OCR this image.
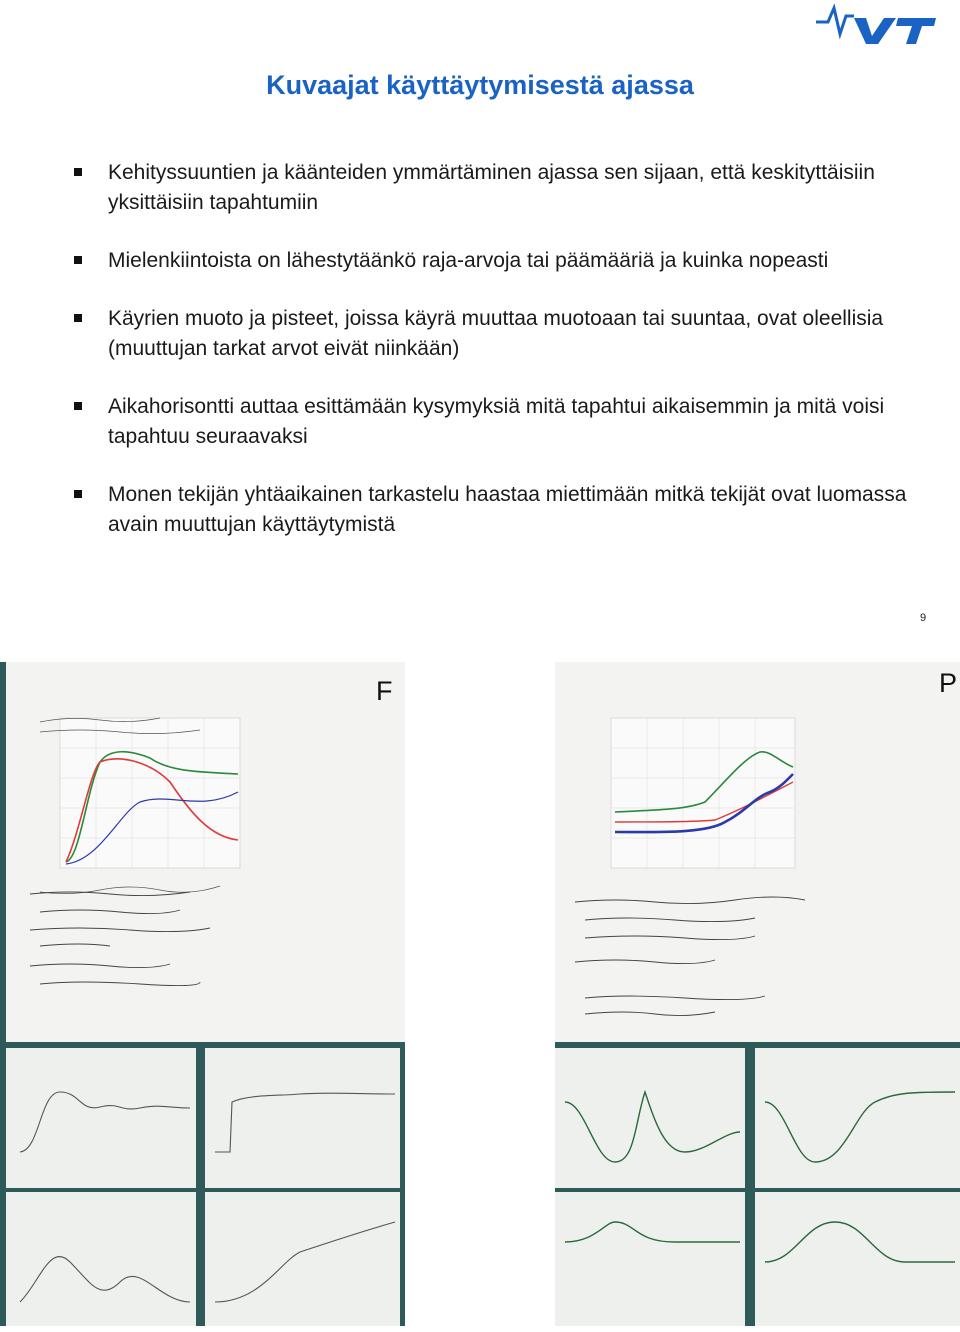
Kuvaajat käyttäytymisestä ajassa
Kehityssuuntien ja käänteiden ymmärtäminen ajassa sen sijaan, että keskityttäisiin yksittäisiin tapahtumiin
Mielenkiintoista on lähestytäänkö raja-arvoja tai päämääriä ja kuinka nopeasti
Käyrien muoto ja pisteet, joissa käyrä muuttaa muotoaan tai suuntaa, ovat oleellisia (muuttujan tarkat arvot eivät niinkään)
Aikahorisontti auttaa esittämään kysymyksiä mitä tapahtui aikaisemmin ja mitä voisi tapahtuu seuraavaksi
Monen tekijän yhtäaikainen tarkastelu haastaa miettimään mitkä tekijät ovat luomassa avain muuttujan käyttäytymistä
9
F	P
